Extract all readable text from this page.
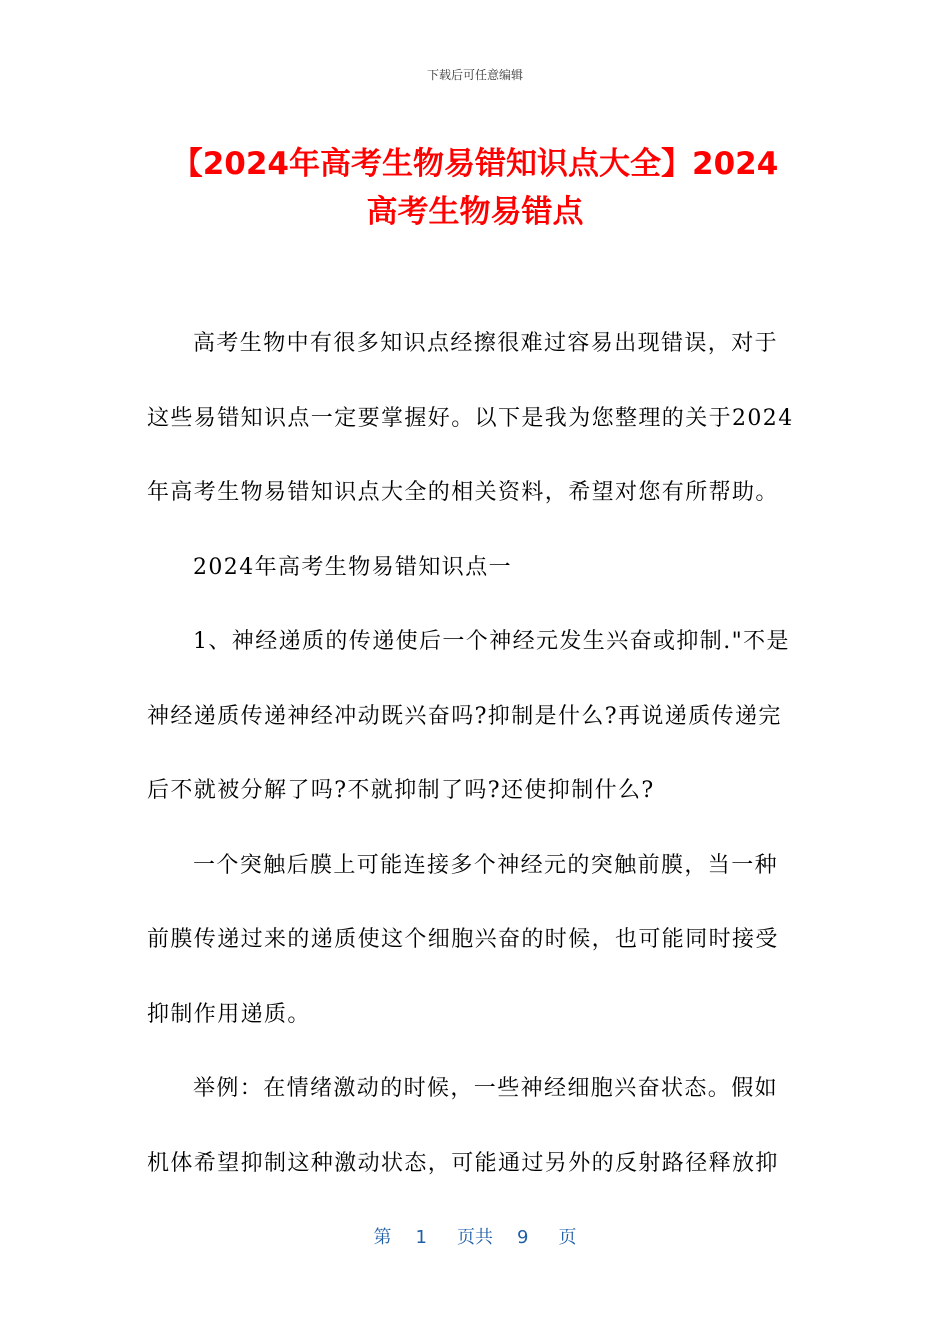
下载后可任意编辑
【2024年高考生物易错知识点大全】2024
高考生物易错点
高考生物中有很多知识点经擦很难过容易出现错误，对于
这些易错知识点一定要掌握好。以下是我为您整理的关于2024
年高考生物易错知识点大全的相关资料，希望对您有所帮助。
2024年高考生物易错知识点一
1、神经递质的传递使后一个神经元发生兴奋或抑制."不是
神经递质传递神经冲动既兴奋吗?抑制是什么?再说递质传递完
后不就被分解了吗?不就抑制了吗?还使抑制什么?
一个突触后膜上可能连接多个神经元的突触前膜，当一种
前膜传递过来的递质使这个细胞兴奋的时候，也可能同时接受
抑制作用递质。
举例：在情绪激动的时候，一些神经细胞兴奋状态。假如
机体希望抑制这种激动状态，可能通过另外的反射路径释放抑
第 1 页共 9 页
